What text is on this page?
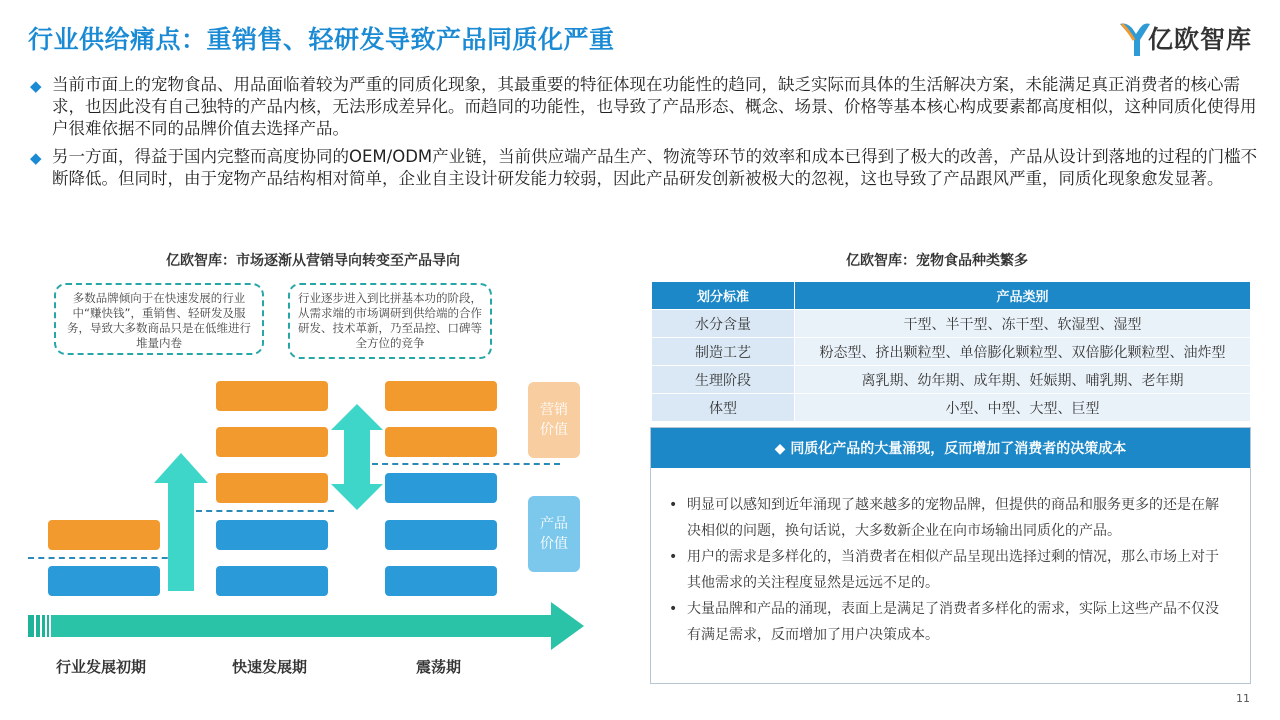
行业供给痛点：重销售、轻研发导致产品同质化严重	亿欧智库
◆ 当前市面上的宠物食品、用品面临着较为严重的同质化现象，其最重要的特征体现在功能性的趋同，缺乏实际而具体的生活解决方案，未能满足真正消费者的核心需求，也因此没有自己独特的产品内核，无法形成差异化。而趋同的功能性，也导致了产品形态、概念、场景、价格等基本核心构成要素都高度相似，这种同质化使得用户很难依据不同的品牌价值去选择产品。
◆ 另一方面，得益于国内完整而高度协同的OEM/ODM产业链，当前供应端产品生产、物流等环节的效率和成本已得到了极大的改善，产品从设计到落地的过程的门槛不断降低。但同时，由于宠物产品结构相对简单，企业自主设计研发能力较弱，因此产品研发创新被极大的忽视，这也导致了产品跟风严重，同质化现象愈发显著。
亿欧智库：市场逐渐从营销导向转变至产品导向
多数品牌倾向于在快速发展的行业中“赚快钱”，重销售、轻研发及服务，导致大多数商品只是在低维进行堆量内卷
行业逐步进入到比拼基本功的阶段，从需求端的市场调研到供给端的合作研发、技术革新，乃至品控、口碑等全方位的竞争
营销价值
产品价值
行业发展初期	快速发展期	震荡期
亿欧智库：宠物食品种类繁多
划分标准	产品类别
水分含量	干型、半干型、冻干型、软湿型、湿型
制造工艺	粉态型、挤出颗粒型、单倍膨化颗粒型、双倍膨化颗粒型、油炸型
生理阶段	离乳期、幼年期、成年期、妊娠期、哺乳期、老年期
体型	小型、中型、大型、巨型
◆ 同质化产品的大量涌现，反而增加了消费者的决策成本
• 明显可以感知到近年涌现了越来越多的宠物品牌，但提供的商品和服务更多的还是在解决相似的问题，换句话说，大多数新企业在向市场输出同质化的产品。
• 用户的需求是多样化的，当消费者在相似产品呈现出选择过剩的情况，那么市场上对于其他需求的关注程度显然是远远不足的。
• 大量品牌和产品的涌现，表面上是满足了消费者多样化的需求，实际上这些产品不仅没有满足需求，反而增加了用户决策成本。
11
